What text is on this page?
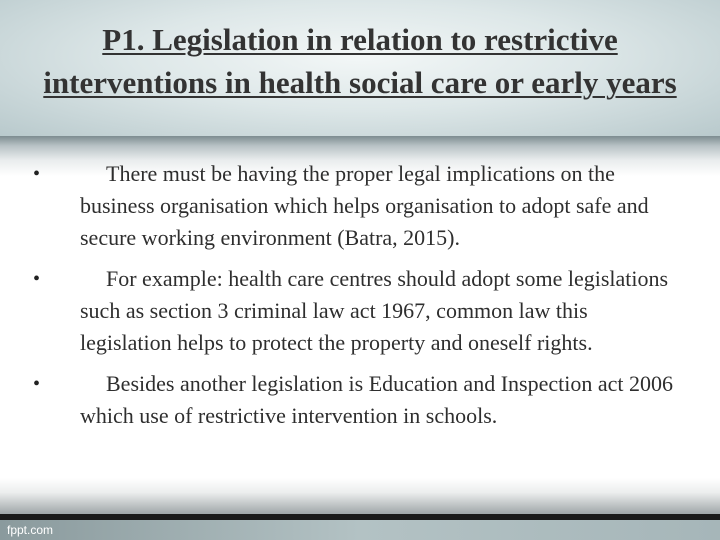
P1. Legislation in relation to restrictive interventions in health social care or early years
•	There must be having the proper legal implications on the business organisation which helps organisation to adopt safe and secure working environment (Batra, 2015).
•	For example: health care centres should adopt some legislations such as section 3 criminal law act 1967, common law this legislation helps to protect the property and oneself rights.
•	Besides another legislation is Education and Inspection act 2006 which use of restrictive intervention in schools.
fppt.com
